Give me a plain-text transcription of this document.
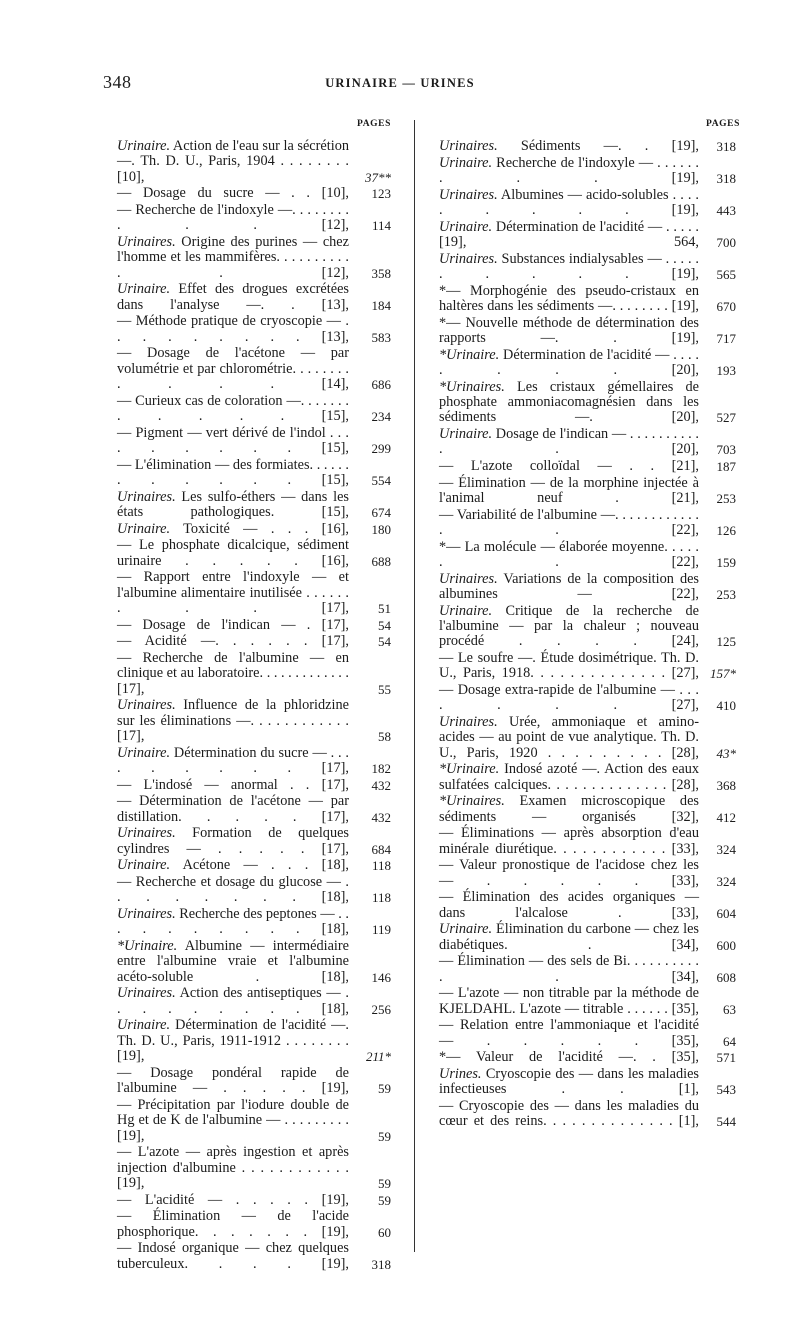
348	URINAIRE — URINES
PAGES	PAGES
Urinaire. Action de l'eau sur la sécrétion —. Th. D. U., Paris, 1904 . . . . . . . . [10],	37**
— Dosage du sucre — . . [10], 123
— Recherche de l'indoxyle —. . . . . . . . . . . [12], 114
Urinaires. Origine des purines — chez l'homme et les mammifères. . . . . . . . . . . . [12], 358
Urinaire. Effet des drogues excrétées dans l'analyse —. . [13], 184
— Méthode pratique de cryoscopie — . . . . . . . . . [13], 583
— Dosage de l'acétone — par volumétrie et par chlorométrie. . . . . . . . . . . . [14], 686
— Curieux cas de coloration —. . . . . . . . . . . . [15], 234
— Pigment — vert dérivé de l'indol . . . . . . . . . [15], 299
— L'élimination — des formiates. . . . . . . . . . . . [15], 554
Urinaires. Les sulfo-éthers — dans les états pathologiques. [15], 674
Urinaire. Toxicité — . . . [16], 180
— Le phosphate dicalcique, sédiment urinaire . . . . . [16], 688
— Rapport entre l'indoxyle — et l'albumine alimentaire inutilisée . . . . . . . . . [17], 51
— Dosage de l'indican — . [17], 54
— Acidité —. . . . . . [17], 54
— Recherche de l'albumine — en clinique et au laboratoire. . . . . . . . . . . . . [17],	55
Urinaires. Influence de la phloridzine sur les éliminations —. . . . . . . . . . . . [17],	58
Urinaire. Détermination du sucre — . . . . . . . . . [17], 182
— L'indosé — anormal . . [17], 432
— Détermination de l'acétone — par distillation. . . . . [17], 432
Urinaires. Formation de quelques cylindres — . . . . . [17], 684
Urinaire. Acétone — . . . [18], 118
— Recherche et dosage du glucose — . . . . . . . . [18], 118
Urinaires. Recherche des peptones — . . . . . . . . . . [18], 119
*Urinaire. Albumine — intermédiaire entre l'albumine vraie et l'albumine acéto-soluble . [18], 146
Urinaires. Action des antiseptiques — . . . . . . . . . [18], 256
Urinaire. Détermination de l'acidité —. Th. D. U., Paris, 1911-1912 . . . . . . . . [19],	211*
— Dosage pondéral rapide de l'albumine — . . . . . [19], 59
— Précipitation par l'iodure double de Hg et de K de l'albumine — . . . . . . . . . [19],	59
— L'azote — après ingestion et après injection d'albumine . . . . . . . . . . . . [19],	59
— L'acidité — . . . . . [19], 59
— Élimination — de l'acide phosphorique. . . . . . . [19], 60
— Indosé organique — chez quelques tuberculeux. . . . [19], 318
Urinaires. Sédiments —. . [19], 318
Urinaire. Recherche de l'indoxyle — . . . . . . . . . [19], 318
Urinaires. Albumines — acido-solubles . . . . . . . . . [19], 443
Urinaire. Détermination de l'acidité — . . . . . [19], 564, 700
Urinaires. Substances indialysables — . . . . . . . . . . [19], 565
*— Morphogénie des pseudo-cristaux en haltères dans les sédiments —. . . . . . . . [19], 670
*— Nouvelle méthode de détermination des rapports —. . [19], 717
*Urinaire. Détermination de l'acidité — . . . . . . . . [20], 193
*Urinaires. Les cristaux gémellaires de phosphate ammoniacomagnésien dans les sédiments —. [20], 527
Urinaire. Dosage de l'indican — . . . . . . . . . . . . [20], 703
— L'azote colloïdal — . . [21], 187
— Élimination — de la morphine injectée à l'animal neuf . [21], 253
— Variabilité de l'albumine —. . . . . . . . . . . . . . [22], 126
*— La molécule — élaborée moyenne. . . . . . . [22], 159
Urinaires. Variations de la composition des albumines — [22], 253
Urinaire. Critique de la recherche de l'albumine — par la chaleur ; nouveau procédé . . . . [24], 125
— Le soufre —. Étude dosimétrique. Th. D. U., Paris, 1918. . . . . . . . . . . . . . [27], 157*
— Dosage extra-rapide de l'albumine — . . . . . . . [27], 410
Urinaires. Urée, ammoniaque et amino-acides — au point de vue analytique. Th. D. U., Paris, 1920 . . . . . . . . . [28], 43*
*Urinaire. Indosé azoté —. Action des eaux sulfatées calciques. . . . . . . . . . . . . . [28], 368
*Urinaires. Examen microscopique des sédiments — organisés [32], 412
— Éliminations — après absorption d'eau minérale diurétique. . . . . . . . . . . . [33], 324
— Valeur pronostique de l'acidose chez les — . . . . . [33], 324
— Élimination des acides organiques — dans l'alcalose . [33], 604
Urinaire. Élimination du carbone — chez les diabétiques. . [34], 600
— Élimination — des sels de Bi. . . . . . . . . . . . [34], 608
— L'azote — non titrable par la méthode de KJELDAHL. L'azote — titrable . . . . . . [35], 63
— Relation entre l'ammoniaque et l'acidité — . . . . . [35], 64
*— Valeur de l'acidité —. . [35], 571
Urines. Cryoscopie des — dans les maladies infectieuses . . [1], 543
— Cryoscopie des — dans les maladies du cœur et des reins. . . . . . . . . . . . . . [1], 544
